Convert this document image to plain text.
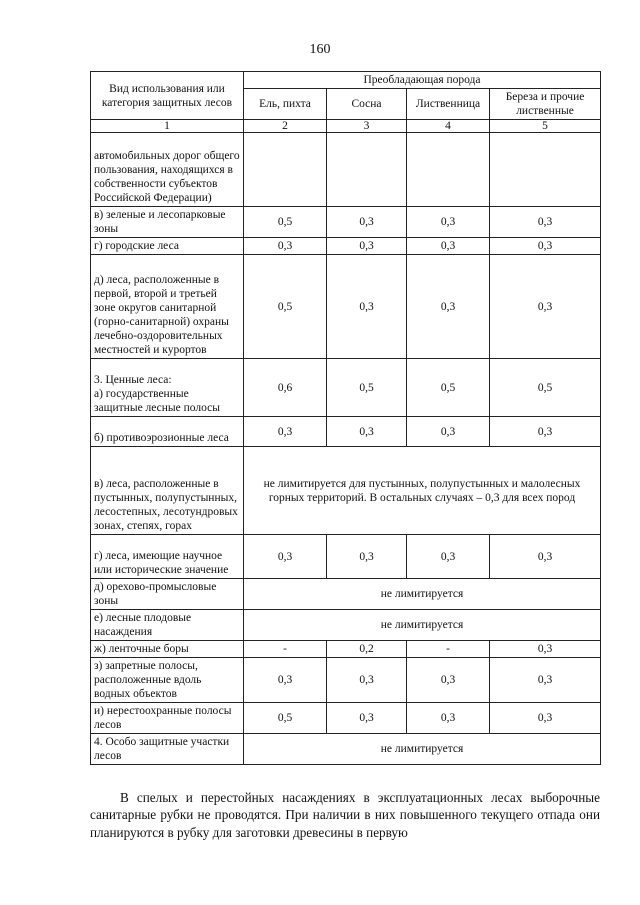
160
Вид использования или категория защитных лесов	Преобладающая порода			
	Ель, пихта	Сосна	Лиственница	Береза и прочие лиственные
1	2	3	4	5
автомобильных дорог общего пользования, находящихся в собственности субъектов Российской Федерации)				
в) зеленые и лесопарковые зоны	0,5	0,3	0,3	0,3
г) городские леса	0,3	0,3	0,3	0,3
д) леса, расположенные в первой, второй и третьей зоне округов санитарной (горно-санитарной) охраны лечебно-оздоровительных местностей и курортов	0,5	0,3	0,3	0,3
3. Ценные леса:
а) государственные защитные лесные полосы	0,6	0,5	0,5	0,5
б) противоэрозионные леса	0,3	0,3	0,3	0,3
в) леса, расположенные в пустынных, полупустынных, лесостепных, лесотундровых зонах, степях, горах	не лимитируется для пустынных, полупустынных и малолесных горных территорий. В остальных случаях – 0,3 для всех пород			
г) леса, имеющие научное или исторические значение	0,3	0,3	0,3	0,3
д) орехово-промысловые зоны	не лимитируется			
е) лесные плодовые насаждения	не лимитируется			
ж) ленточные боры	-	0,2	-	0,3
з) запретные полосы, расположенные вдоль водных объектов	0,3	0,3	0,3	0,3
и) нерестоохранные полосы лесов	0,5	0,3	0,3	0,3
4. Особо защитные участки лесов	не лимитируется			

В спелых и перестойных насаждениях в эксплуатационных лесах выборочные санитарные рубки не проводятся. При наличии в них повышенного текущего отпада они планируются в рубку для заготовки древесины в первую
